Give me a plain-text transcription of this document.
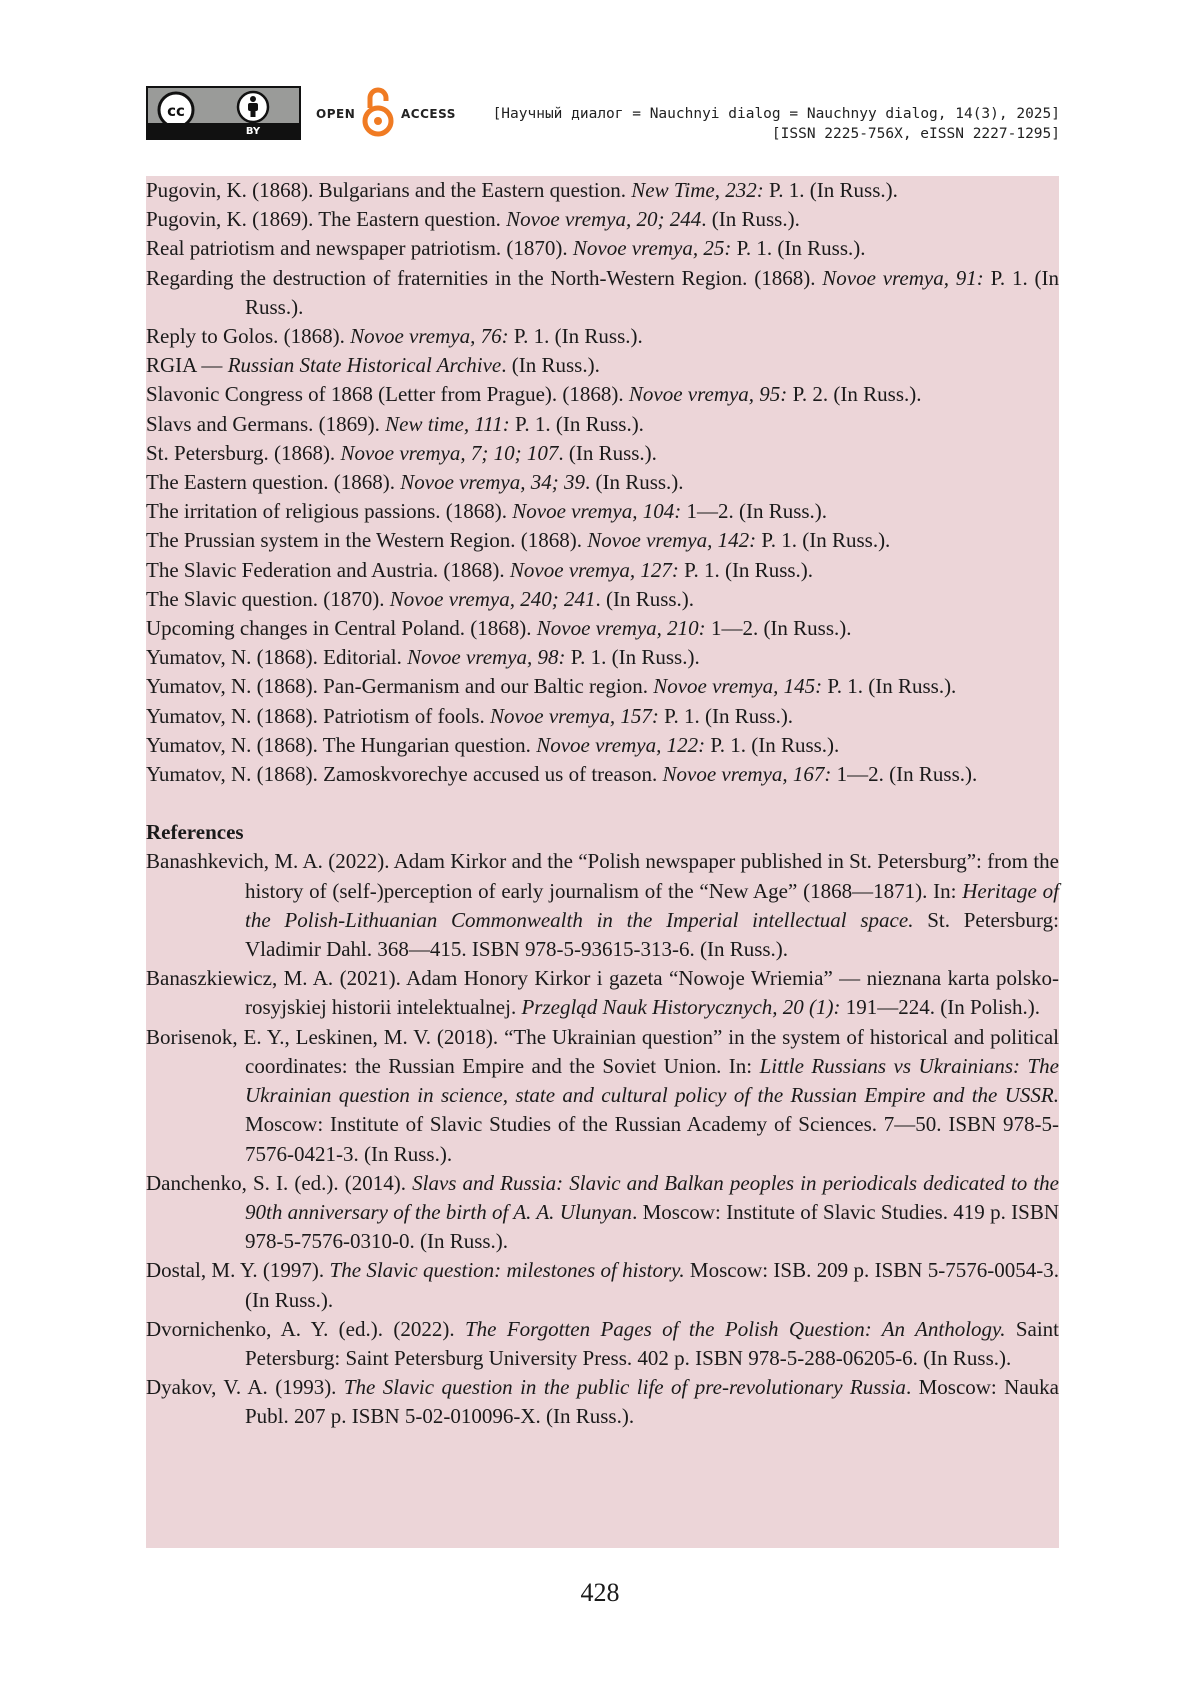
cc
BY
OPEN	ACCESS	[Научный диалог = Nauchnyi dialog = Nauchnyy dialog, 14(3), 2025]
[ISSN 2225-756X, eISSN 2227-1295]
Pugovin, K. (1868). Bulgarians and the Eastern question. New Time, 232: P. 1. (In Russ.).
Pugovin, K. (1869). The Eastern question. Novoe vremya, 20; 244. (In Russ.).
Real patriotism and newspaper patriotism. (1870). Novoe vremya, 25: P. 1. (In Russ.).
Regarding the destruction of fraternities in the North-Western Region. (1868). Novoe vremya, 91: P. 1. (In Russ.).
Reply to Golos. (1868). Novoe vremya, 76: P. 1. (In Russ.).
RGIA — Russian State Historical Archive. (In Russ.).
Slavonic Congress of 1868 (Letter from Prague). (1868). Novoe vremya, 95: P. 2. (In Russ.).
Slavs and Germans. (1869). New time, 111: P. 1. (In Russ.).
St. Petersburg. (1868). Novoe vremya, 7; 10; 107. (In Russ.).
The Eastern question. (1868). Novoe vremya, 34; 39. (In Russ.).
The irritation of religious passions. (1868). Novoe vremya, 104: 1—2. (In Russ.).
The Prussian system in the Western Region. (1868). Novoe vremya, 142: P. 1. (In Russ.).
The Slavic Federation and Austria. (1868). Novoe vremya, 127: P. 1. (In Russ.).
The Slavic question. (1870). Novoe vremya, 240; 241. (In Russ.).
Upcoming changes in Central Poland. (1868). Novoe vremya, 210: 1—2. (In Russ.).
Yumatov, N. (1868). Editorial. Novoe vremya, 98: P. 1. (In Russ.).
Yumatov, N. (1868). Pan-Germanism and our Baltic region. Novoe vremya, 145: P. 1. (In Russ.).
Yumatov, N. (1868). Patriotism of fools. Novoe vremya, 157: P. 1. (In Russ.).
Yumatov, N. (1868). The Hungarian question. Novoe vremya, 122: P. 1. (In Russ.).
Yumatov, N. (1868). Zamoskvorechye accused us of treason. Novoe vremya, 167: 1—2. (In Russ.).
References
Banashkevich, M. A. (2022). Adam Kirkor and the “Polish newspaper published in St. Petersburg”: from the history of (self-)perception of early journalism of the “New Age” (1868—1871). In: Heritage of the Polish-Lithuanian Commonwealth in the Imperial intellectual space. St. Petersburg: Vladimir Dahl. 368—415. ISBN 978-5-93615-313-6. (In Russ.).
Banaszkiewicz, M. A. (2021). Adam Honory Kirkor i gazeta “Nowoje Wriemia” — nieznana karta polsko-rosyjskiej historii intelektualnej. Przegląd Nauk Historycznych, 20 (1): 191—224. (In Polish.).
Borisenok, E. Y., Leskinen, M. V. (2018). “The Ukrainian question” in the system of historical and political coordinates: the Russian Empire and the Soviet Union. In: Little Russians vs Ukrainians: The Ukrainian question in science, state and cultural policy of the Russian Empire and the USSR. Moscow: Institute of Slavic Studies of the Russian Academy of Sciences. 7—50. ISBN 978-5-7576-0421-3. (In Russ.).
Danchenko, S. I. (ed.). (2014). Slavs and Russia: Slavic and Balkan peoples in periodicals dedicated to the 90th anniversary of the birth of A. A. Ulunyan. Moscow: Institute of Slavic Studies. 419 p. ISBN 978-5-7576-0310-0. (In Russ.).
Dostal, M. Y. (1997). The Slavic question: milestones of history. Moscow: ISB. 209 p. ISBN 5-7576-0054-3. (In Russ.).
Dvornichenko, A. Y. (ed.). (2022). The Forgotten Pages of the Polish Question: An Anthology. Saint Petersburg: Saint Petersburg University Press. 402 p. ISBN 978-5-288-06205-6. (In Russ.).
Dyakov, V. A. (1993). The Slavic question in the public life of pre-revolutionary Russia. Moscow: Nauka Publ. 207 p. ISBN 5-02-010096-X. (In Russ.).
428
